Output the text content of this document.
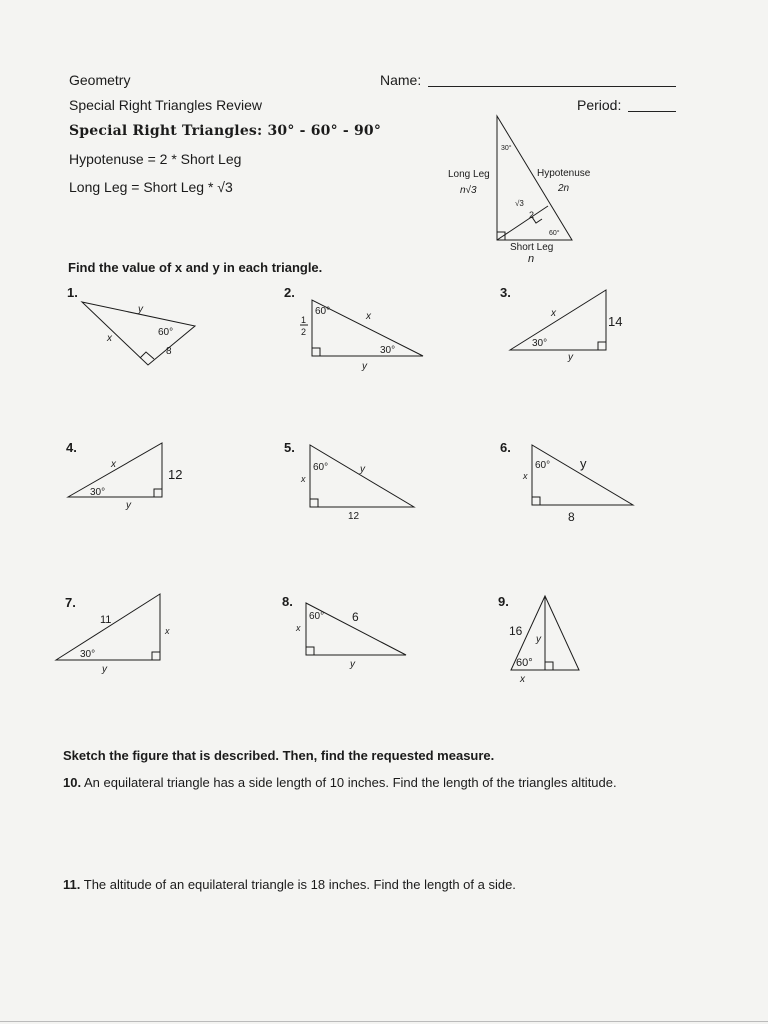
Geometry
Special Right Triangles Review
Name:
Period:
Special Right Triangles: 30° - 60° - 90°
Hypotenuse = 2 * Short Leg
Long Leg = Short Leg * √3
30°
60°
Long Leg
n√3
Hypotenuse
2n
√3
2
Short Leg
n
Find the value of x and y in each triangle.
1.
y
x
60°
8
2.
60°	x
1
2
30°
y
3.
x
14
30°
y
4.
x
12
30°
y
5.
60°	y
x
12
6.
60° y
x
8
7.
11
x
30°
y
8.
60° 6
x
y
9.
16
y
60°
x
Sketch the figure that is described. Then, find the requested measure.
10. An equilateral triangle has a side length of 10 inches. Find the length of the triangles altitude.
11. The altitude of an equilateral triangle is 18 inches. Find the length of a side.
